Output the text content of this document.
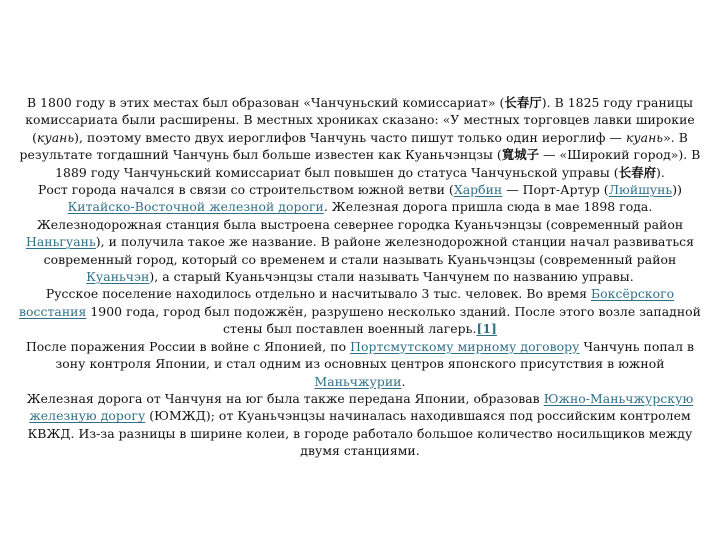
В 1800 году в этих местах был образован «Чанчуньский комиссариат» (长春厅). В 1825 году границы комиссариата были расширены. В местных хрониках сказано: «У местных торговцев лавки широкие (куань), поэтому вместо двух иероглифов Чанчунь часто пишут только один иероглиф — куань». В результате тогдашний Чанчунь был больше известен как Куаньчэнцзы (寬城子 — «Широкий город»). В 1889 году Чанчуньский комиссариат был повышен до статуса Чанчуньской управы (长春府).

Рост города начался в связи со строительством южной ветви (Харбин — Порт-Артур (Люйшунь)) Китайско-Восточной железной дороги. Железная дорога пришла сюда в мае 1898 года.

Железнодорожная станция была выстроена севернее городка Куаньчэнцзы (современный район Наньгуань), и получила такое же название. В районе железнодорожной станции начал развиваться современный город, который со временем и стали называть Куаньчэнцзы (современный район Куаньчэн), а старый Куаньчэнцзы стали называть Чанчунем по названию управы.

Русское поселение находилось отдельно и насчитывало 3 тыс. человек. Во время Боксёрского восстания 1900 года, город был подожжён, разрушено несколько зданий. После этого возле западной стены был поставлен военный лагерь.[1]

После поражения России в войне с Японией, по Портсмутскому мирному договору Чанчунь попал в зону контроля Японии, и стал одним из основных центров японского присутствия в южной Маньчжурии.

Железная дорога от Чанчуня на юг была также передана Японии, образовав Южно-Маньчжурскую железную дорогу (ЮМЖД); от Куаньчэнцзы начиналась находившаяся под российским контролем КВЖД. Из-за разницы в ширине колеи, в городе работало большое количество носильщиков между двумя станциями.
